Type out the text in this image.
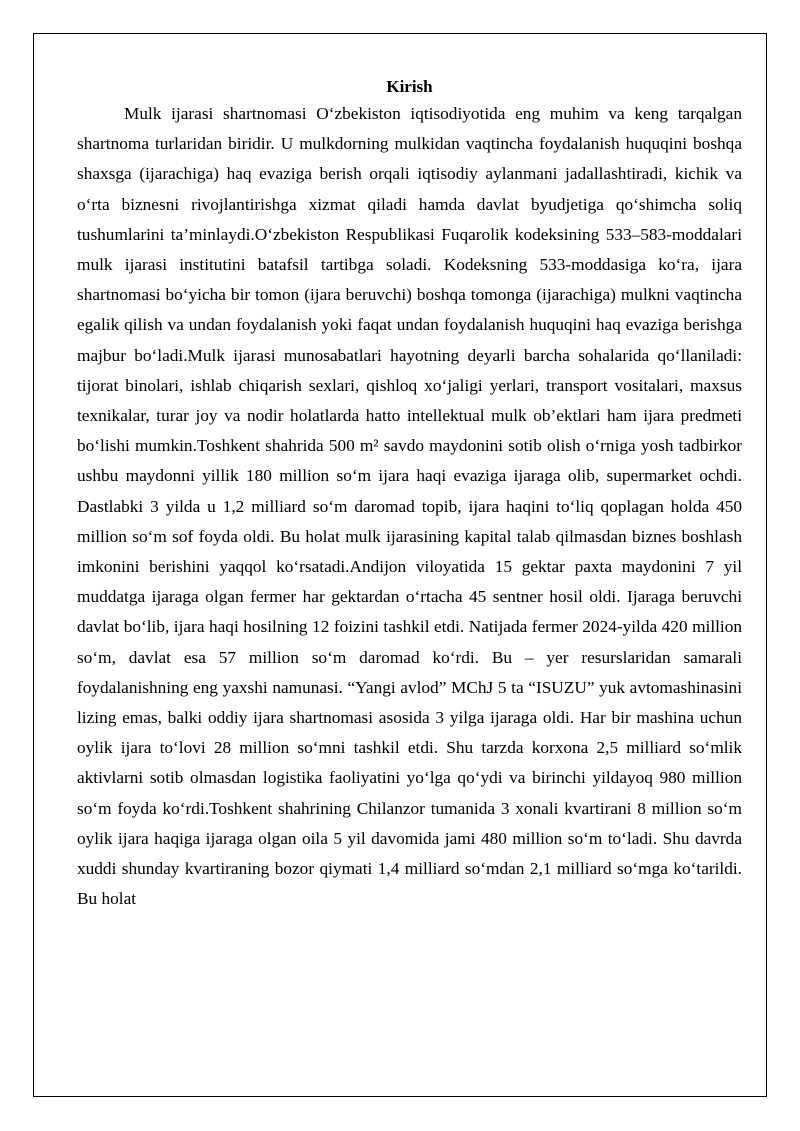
Kirish

Mulk ijarasi shartnomasi O‘zbekiston iqtisodiyotida eng muhim va keng tarqalgan shartnoma turlaridan biridir. U mulkdorning mulkidan vaqtincha foydalanish huquqini boshqa shaxsga (ijarachiga) haq evaziga berish orqali iqtisodiy aylanmani jadallashtiradi, kichik va o‘rta biznesni rivojlantirishga xizmat qiladi hamda davlat byudjetiga qo‘shimcha soliq tushumlarini ta’minlaydi.O‘zbekiston Respublikasi Fuqarolik kodeksining 533–583-moddalari mulk ijarasi institutini batafsil tartibga soladi. Kodeksning 533-moddasiga ko‘ra, ijara shartnomasi bo‘yicha bir tomon (ijara beruvchi) boshqa tomonga (ijarachiga) mulkni vaqtincha egalik qilish va undan foydalanish yoki faqat undan foydalanish huquqini haq evaziga berishga majbur bo‘ladi.Mulk ijarasi munosabatlari hayotning deyarli barcha sohalarida qo‘llaniladi: tijorat binolari, ishlab chiqarish sexlari, qishloq xo‘jaligi yerlari, transport vositalari, maxsus texnikalar, turar joy va nodir holatlarda hatto intellektual mulk ob’ektlari ham ijara predmeti bo‘lishi mumkin.Toshkent shahrida 500 m² savdo maydonini sotib olish o‘rniga yosh tadbirkor ushbu maydonni yillik 180 million so‘m ijara haqi evaziga ijaraga olib, supermarket ochdi. Dastlabki 3 yilda u 1,2 milliard so‘m daromad topib, ijara haqini to‘liq qoplagan holda 450 million so‘m sof foyda oldi. Bu holat mulk ijarasining kapital talab qilmasdan biznes boshlash imkonini berishini yaqqol ko‘rsatadi.Andijon viloyatida 15 gektar paxta maydonini 7 yil muddatga ijaraga olgan fermer har gektardan o‘rtacha 45 sentner hosil oldi. Ijaraga beruvchi davlat bo‘lib, ijara haqi hosilning 12 foizini tashkil etdi. Natijada fermer 2024-yilda 420 million so‘m, davlat esa 57 million so‘m daromad ko‘rdi. Bu – yer resurslaridan samarali foydalanishning eng yaxshi namunasi. “Yangi avlod” MChJ 5 ta “ISUZU” yuk avtomashinasini lizing emas, balki oddiy ijara shartnomasi asosida 3 yilga ijaraga oldi. Har bir mashina uchun oylik ijara to‘lovi 28 million so‘mni tashkil etdi. Shu tarzda korxona 2,5 milliard so‘mlik aktivlarni sotib olmasdan logistika faoliyatini yo‘lga qo‘ydi va birinchi yildayoq 980 million so‘m foyda ko‘rdi.Toshkent shahrining Chilanzor tumanida 3 xonali kvartirani 8 million so‘m oylik ijara haqiga ijaraga olgan oila 5 yil davomida jami 480 million so‘m to‘ladi. Shu davrda xuddi shunday kvartiraning bozor qiymati 1,4 milliard so‘mdan 2,1 milliard so‘mga ko‘tarildi. Bu holat
